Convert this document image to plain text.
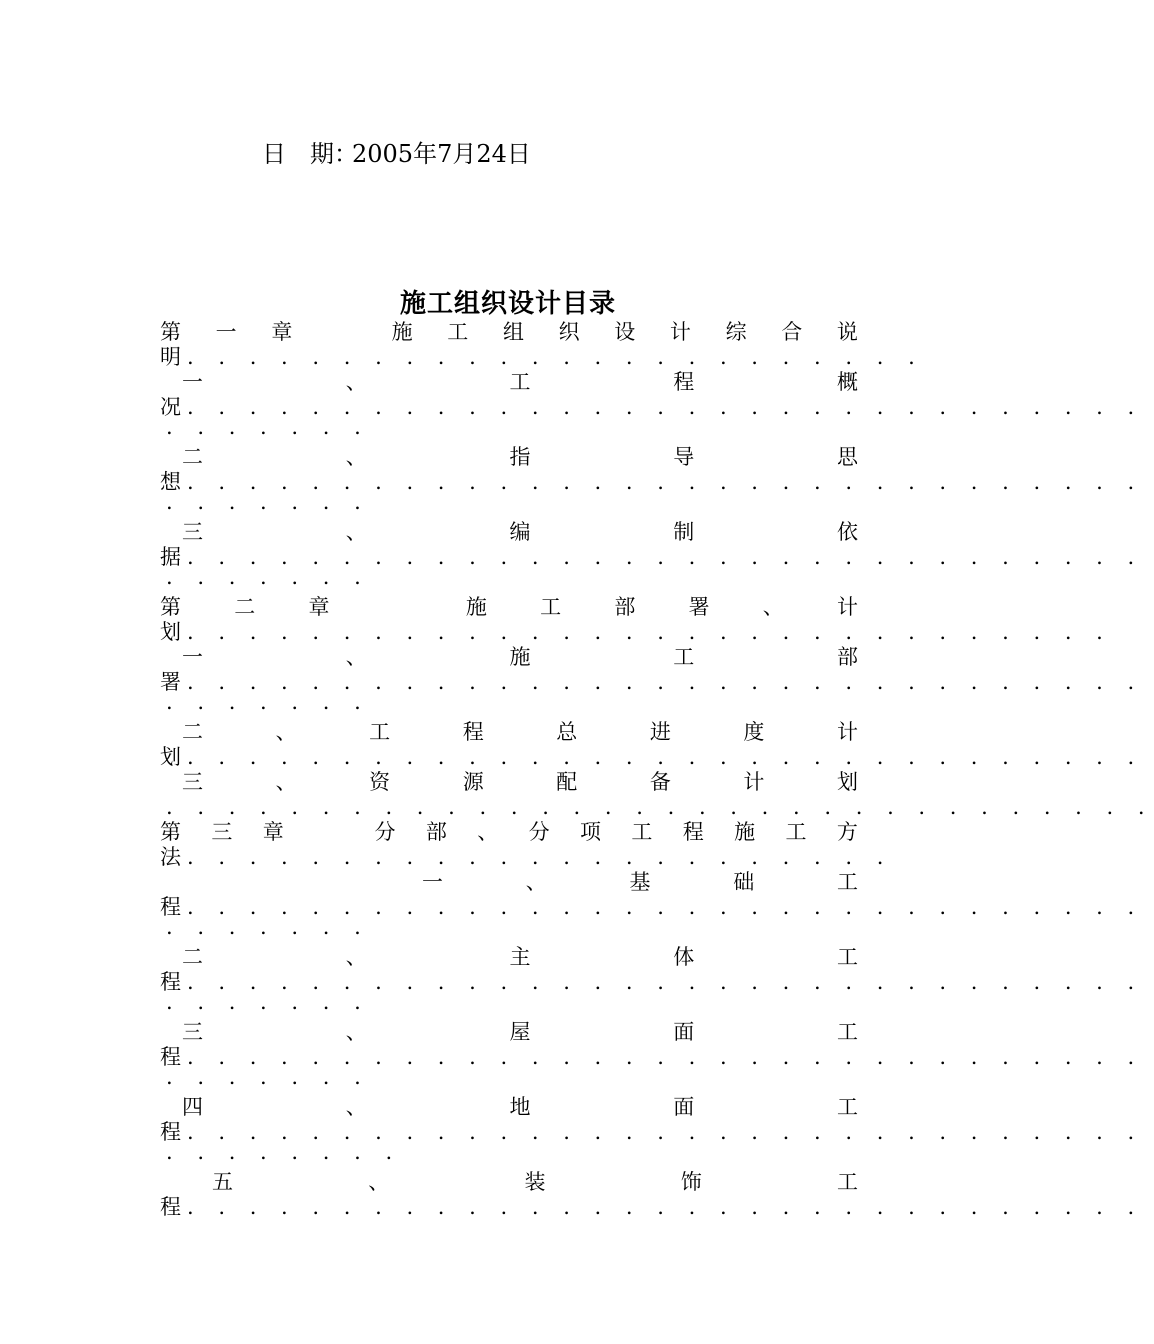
日　期：2005年7月24日
施工组织设计目录
第 一 章	施 工 组 织 设 计 综 合 说
明 . . . . . . . . . . . . . . . . . . . . . . . .
一	、	工	程	概
况 . . . . . . . . . . . . . . . . . . . . . . . . . . . . . . .
. . . . . . .
二	、	指	导	思
想 . . . . . . . . . . . . . . . . . . . . . . . . . . . . . . .
. . . . . . .
三	、	编	制	依
据 . . . . . . . . . . . . . . . . . . . . . . . . . . . . . . .
. . . . . . .
第	二	章	施	工	部	署	、	计
划 . . . . . . . . . . . . . . . . . . . . . . . . . . . . . .
一	、	施	工	部
署 . . . . . . . . . . . . . . . . . . . . . . . . . . . . . . .
. . . . . . .
二	、	工	程	总	进	度	计
划 . . . . . . . . . . . . . . . . . . . . . . . . . . . . . . .
三	、	资	源	配	备	计	划
. . . . . . . . . . . . . . . . . . . . . . . . . . . . . . . .
第 三 章	分 部 、 分 项 工 程 施 工 方
法 . . . . . . . . . . . . . . . . . . . . . . .
一	、	基	础	工
程 . . . . . . . . . . . . . . . . . . . . . . . . . . . . . . .
. . . . . . .
二	、	主	体	工
程 . . . . . . . . . . . . . . . . . . . . . . . . . . . . . . .
. . . . . . .
三	、	屋	面	工
程 . . . . . . . . . . . . . . . . . . . . . . . . . . . . . . .
. . . . . . .
四	、	地	面	工
程 . . . . . . . . . . . . . . . . . . . . . . . . . . . . . . .
. . . . . . . .
五	、	装	饰	工
程 . . . . . . . . . . . . . . . . . . . . . . . . . . . . . . .
